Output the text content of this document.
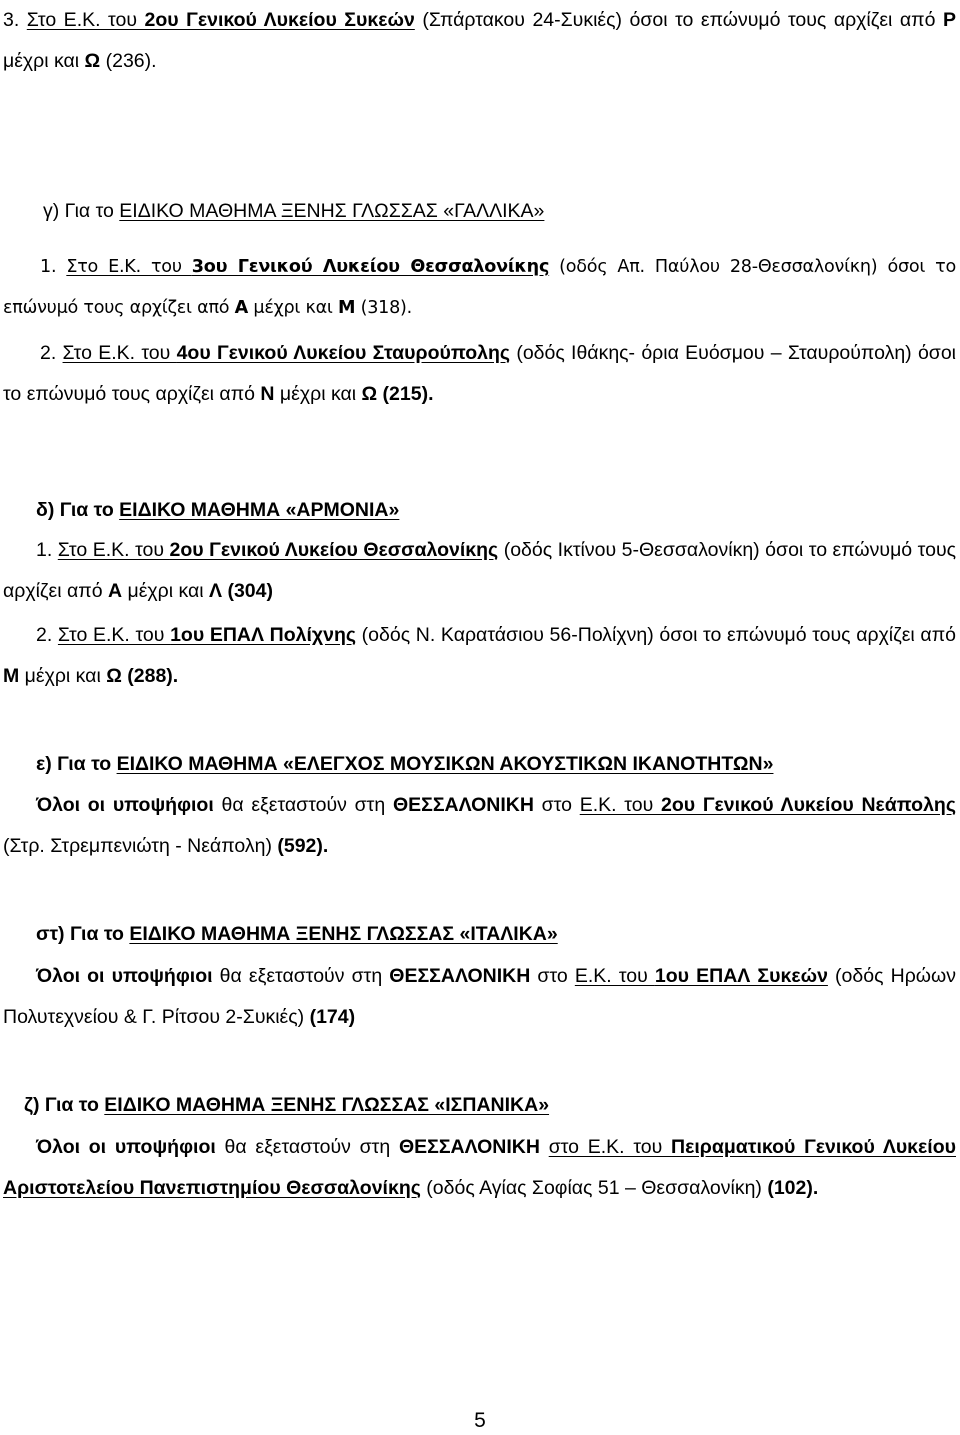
3. Στο Ε.Κ. του 2ου Γενικού Λυκείου Συκεών (Σπάρτακου 24-Συκιές) όσοι το επώνυμό τους αρχίζει από Ρ μέχρι και Ω (236).

γ) Για το ΕΙΔΙΚΟ ΜΑΘΗΜΑ ΞΕΝΗΣ ΓΛΩΣΣΑΣ «ΓΑΛΛΙΚΑ»

1. Στο Ε.Κ. του 3ου Γενικού Λυκείου Θεσσαλονίκης (οδός Απ. Παύλου 28-Θεσσαλονίκη) όσοι το επώνυμό τους αρχίζει από Α μέχρι και Μ (318).

2. Στο Ε.Κ. του 4ου Γενικού Λυκείου Σταυρούπολης (οδός Ιθάκης- όρια Ευόσμου – Σταυρούπολη) όσοι το επώνυμό τους αρχίζει από Ν μέχρι και Ω (215).

δ) Για το ΕΙΔΙΚΟ ΜΑΘΗΜΑ «ΑΡΜΟΝΙΑ»

1. Στο Ε.Κ. του 2ου Γενικού Λυκείου Θεσσαλονίκης (οδός Ικτίνου 5-Θεσσαλονίκη) όσοι το επώνυμό τους αρχίζει από Α μέχρι και Λ (304)

2. Στο Ε.Κ. του 1ου ΕΠΑΛ Πολίχνης (οδός Ν. Καρατάσιου 56-Πολίχνη) όσοι το επώνυμό τους αρχίζει από Μ μέχρι και Ω (288).

ε) Για το ΕΙΔΙΚΟ ΜΑΘΗΜΑ «ΕΛΕΓΧΟΣ ΜΟΥΣΙΚΩΝ ΑΚΟΥΣΤΙΚΩΝ ΙΚΑΝΟΤΗΤΩΝ»

Όλοι οι υποψήφιοι θα εξεταστούν στη ΘΕΣΣΑΛΟΝΙΚΗ στο Ε.Κ. του 2ου Γενικού Λυκείου Νεάπολης (Στρ. Στρεμπενιώτη - Νεάπολη) (592).

στ) Για το ΕΙΔΙΚΟ ΜΑΘΗΜΑ ΞΕΝΗΣ ΓΛΩΣΣΑΣ «ΙΤΑΛΙΚΑ»

Όλοι οι υποψήφιοι θα εξεταστούν στη ΘΕΣΣΑΛΟΝΙΚΗ στο Ε.Κ. του 1ου ΕΠΑΛ Συκεών (οδός Ηρώων Πολυτεχνείου & Γ. Ρίτσου 2-Συκιές) (174)

ζ) Για το ΕΙΔΙΚΟ ΜΑΘΗΜΑ ΞΕΝΗΣ ΓΛΩΣΣΑΣ «ΙΣΠΑΝΙΚΑ»

Όλοι οι υποψήφιοι θα εξεταστούν στη ΘΕΣΣΑΛΟΝΙΚΗ στο Ε.Κ. του Πειραματικού Γενικού Λυκείου Αριστοτελείου Πανεπιστημίου Θεσσαλονίκης (οδός Αγίας Σοφίας 51 – Θεσσαλονίκη) (102).

5
